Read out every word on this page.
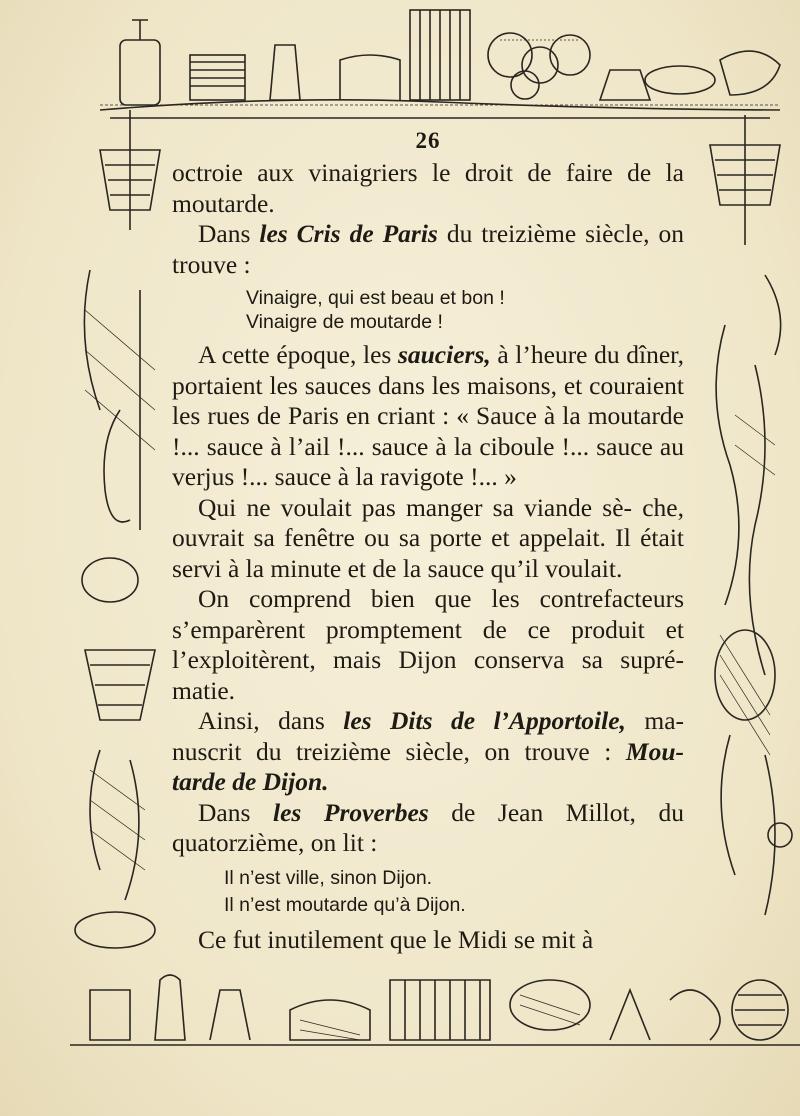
26

octroie aux vinaigriers le droit de faire de la moutarde.

Dans les Cris de Paris du treizième siècle, on trouve :

Vinaigre, qui est beau et bon !
Vinaigre de moutarde !

A cette époque, les sauciers, à l’heure du dîner, portaient les sauces dans les maisons, et couraient les rues de Paris en criant : « Sauce à la moutarde !... sauce à l’ail !... sauce à la ciboule !... sauce au verjus !... sauce à la ravigote !... »

Qui ne voulait pas manger sa viande sè- che, ouvrait sa fenêtre ou sa porte et appelait. Il était servi à la minute et de la sauce qu’il voulait.

On comprend bien que les contrefacteurs s’emparèrent promptement de ce produit et l’exploitèrent, mais Dijon conserva sa supré- matie.

Ainsi, dans les Dits de l’Apportoile, ma- nuscrit du treizième siècle, on trouve : Mou- tarde de Dijon.

Dans les Proverbes de Jean Millot, du quatorzième, on lit :

Il n’est ville, sinon Dijon.
Il n’est moutarde qu’à Dijon.

Ce fut inutilement que le Midi se mit à
